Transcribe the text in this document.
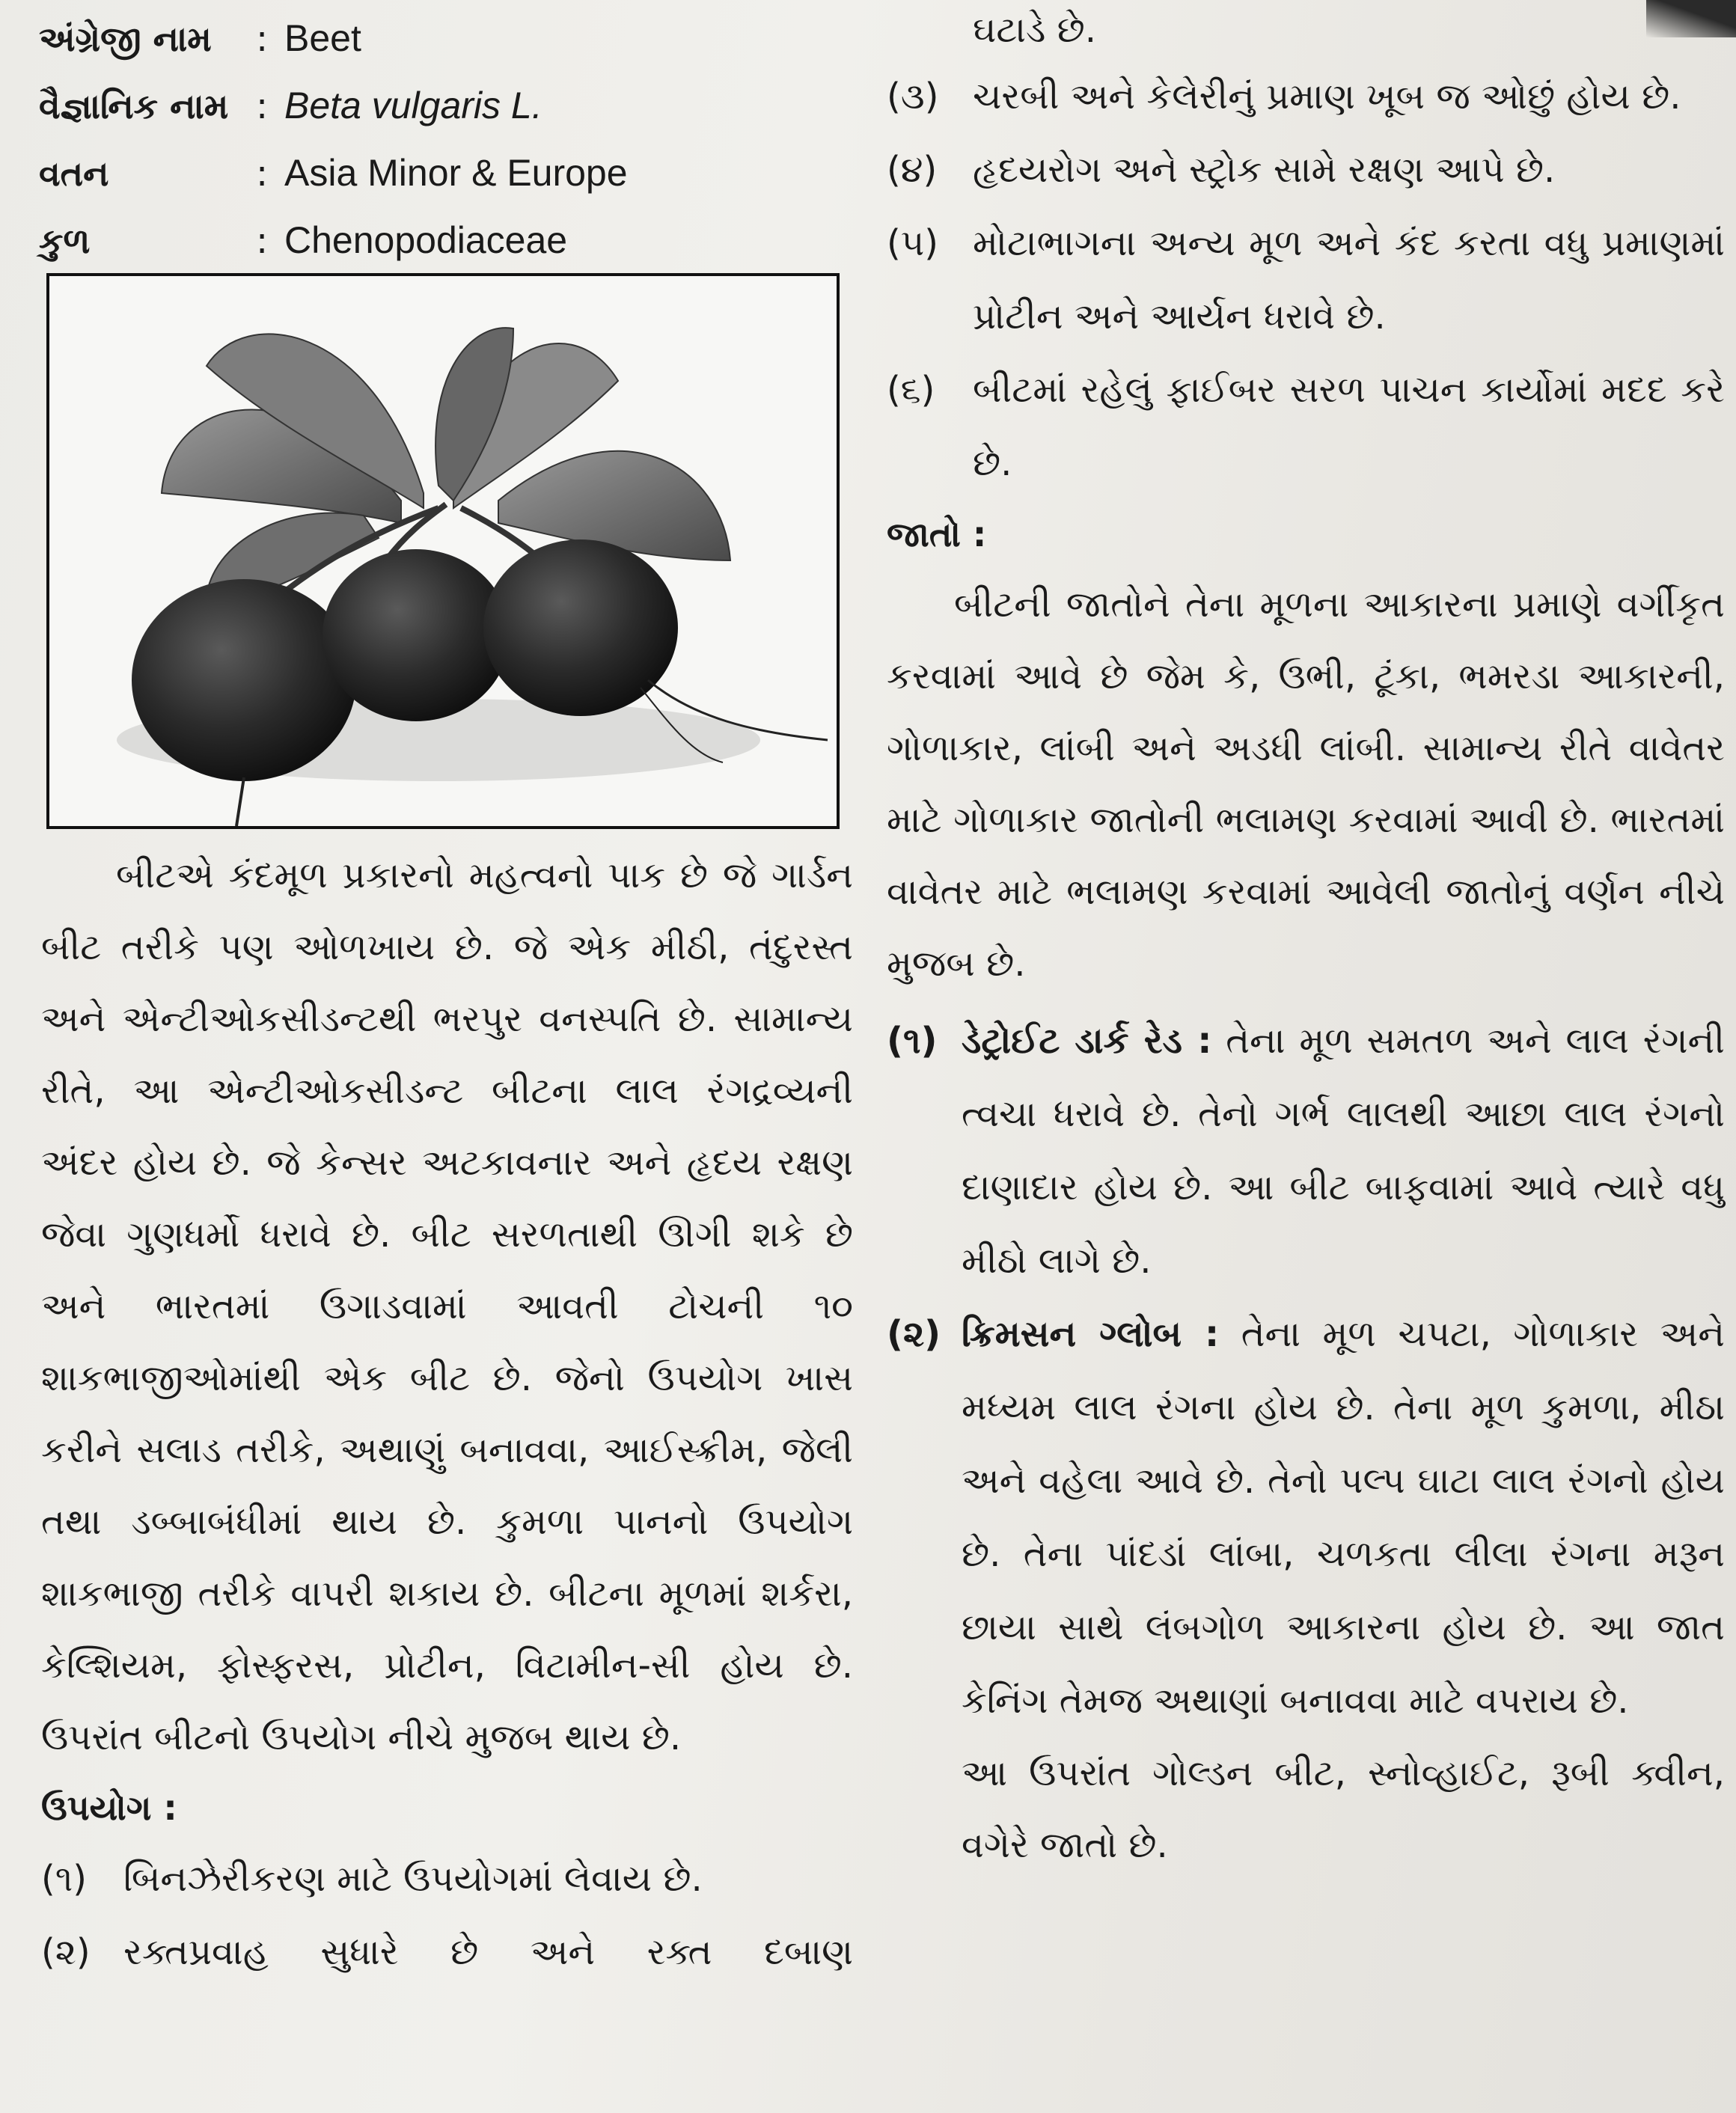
અંગ્રેજી નામ	: Beet
વૈજ્ઞાનિક નામ : Beta vulgaris L.
વતન	: Asia Minor & Europe
કુળ	: Chenopodiaceae

બીટએ કંદમૂળ પ્રકારનો મહત્વનો પાક છે જે ગાર્ડન બીટ તરીકે પણ ઓળખાય છે. જે એક મીઠી, તંદુરસ્ત અને એન્ટીઓકસીડન્ટથી ભરપુર વનસ્પતિ છે. સામાન્ય રીતે, આ એન્ટીઓકસીડન્ટ બીટના લાલ રંગદ્રવ્યની અંદર હોય છે. જે કેન્સર અટકાવનાર અને હૃદય રક્ષણ જેવા ગુણધર્મો ધરાવે છે. બીટ સરળતાથી ઊગી શકે છે અને ભારતમાં ઉગાડવામાં આવતી ટોચની ૧૦ શાકભાજીઓમાંથી એક બીટ છે. જેનો ઉપયોગ ખાસ કરીને સલાડ તરીકે, અથાણું બનાવવા, આઈસ્ક્રીમ, જેલી તથા ડબ્બાબંધીમાં થાય છે. કુમળા પાનનો ઉપયોગ શાકભાજી તરીકે વાપરી શકાય છે. બીટના મૂળમાં શર્કરા, કેલ્શિયમ, ફોસ્ફરસ, પ્રોટીન, વિટામીન-સી હોય છે. ઉપરાંત બીટનો ઉપયોગ નીચે મુજબ થાય છે.

ઉપયોગ :

(૧)	બિનઝેરીકરણ માટે ઉપયોગમાં લેવાય છે.
(૨) રક્તપ્રવાહ સુધારે છે અને રક્ત દબાણ

ઘટાડે છે.

(૩) ચરબી અને કેલેરીનું પ્રમાણ ખૂબ જ ઓછું હોય છે.
(૪) હૃદયરોગ અને સ્ટ્રોક સામે રક્ષણ આપે છે.
(૫) મોટાભાગના અન્ય મૂળ અને કંદ કરતા વધુ પ્રમાણમાં પ્રોટીન અને આર્યન ધરાવે છે.
(૬)	બીટમાં રહેલું ફાઈબર સરળ પાચન કાર્યોમાં મદદ કરે છે.

જાતો :

બીટની જાતોને તેના મૂળના આકારના પ્રમાણે વર્ગીકૃત કરવામાં આવે છે જેમ કે, ઉભી, ટૂંકા, ભમરડા આકારની, ગોળાકાર, લાંબી અને અડધી લાંબી. સામાન્ય રીતે વાવેતર માટે ગોળાકાર જાતોની ભલામણ કરવામાં આવી છે. ભારતમાં વાવેતર માટે ભલામણ કરવામાં આવેલી જાતોનું વર્ણન નીચે મુજબ છે.

(૧) ડેટ્રોઈટ ડાર્ક રેડ : તેના મૂળ સમતળ અને લાલ રંગની ત્વચા ધરાવે છે. તેનો ગર્ભ લાલથી આછા લાલ રંગનો દાણાદાર હોય છે. આ બીટ બાફવામાં આવે ત્યારે વધુ મીઠો લાગે છે.
(૨) ક્રિમસન ગ્લોબ : તેના મૂળ ચપટા, ગોળાકાર અને મધ્યમ લાલ રંગના હોય છે. તેના મૂળ કુમળા, મીઠા અને વહેલા આવે છે. તેનો પલ્પ ઘાટા લાલ રંગનો હોય છે. તેના પાંદડાં લાંબા, ચળકતા લીલા રંગના મરૂન છાયા સાથે લંબગોળ આકારના હોય છે. આ જાત કેનિંગ તેમજ અથાણાં બનાવવા માટે વપરાય છે.

આ ઉપરાંત ગોલ્ડન બીટ, સ્નોવ્હાઈટ, રૂબી ક્વીન, વગેરે જાતો છે.
